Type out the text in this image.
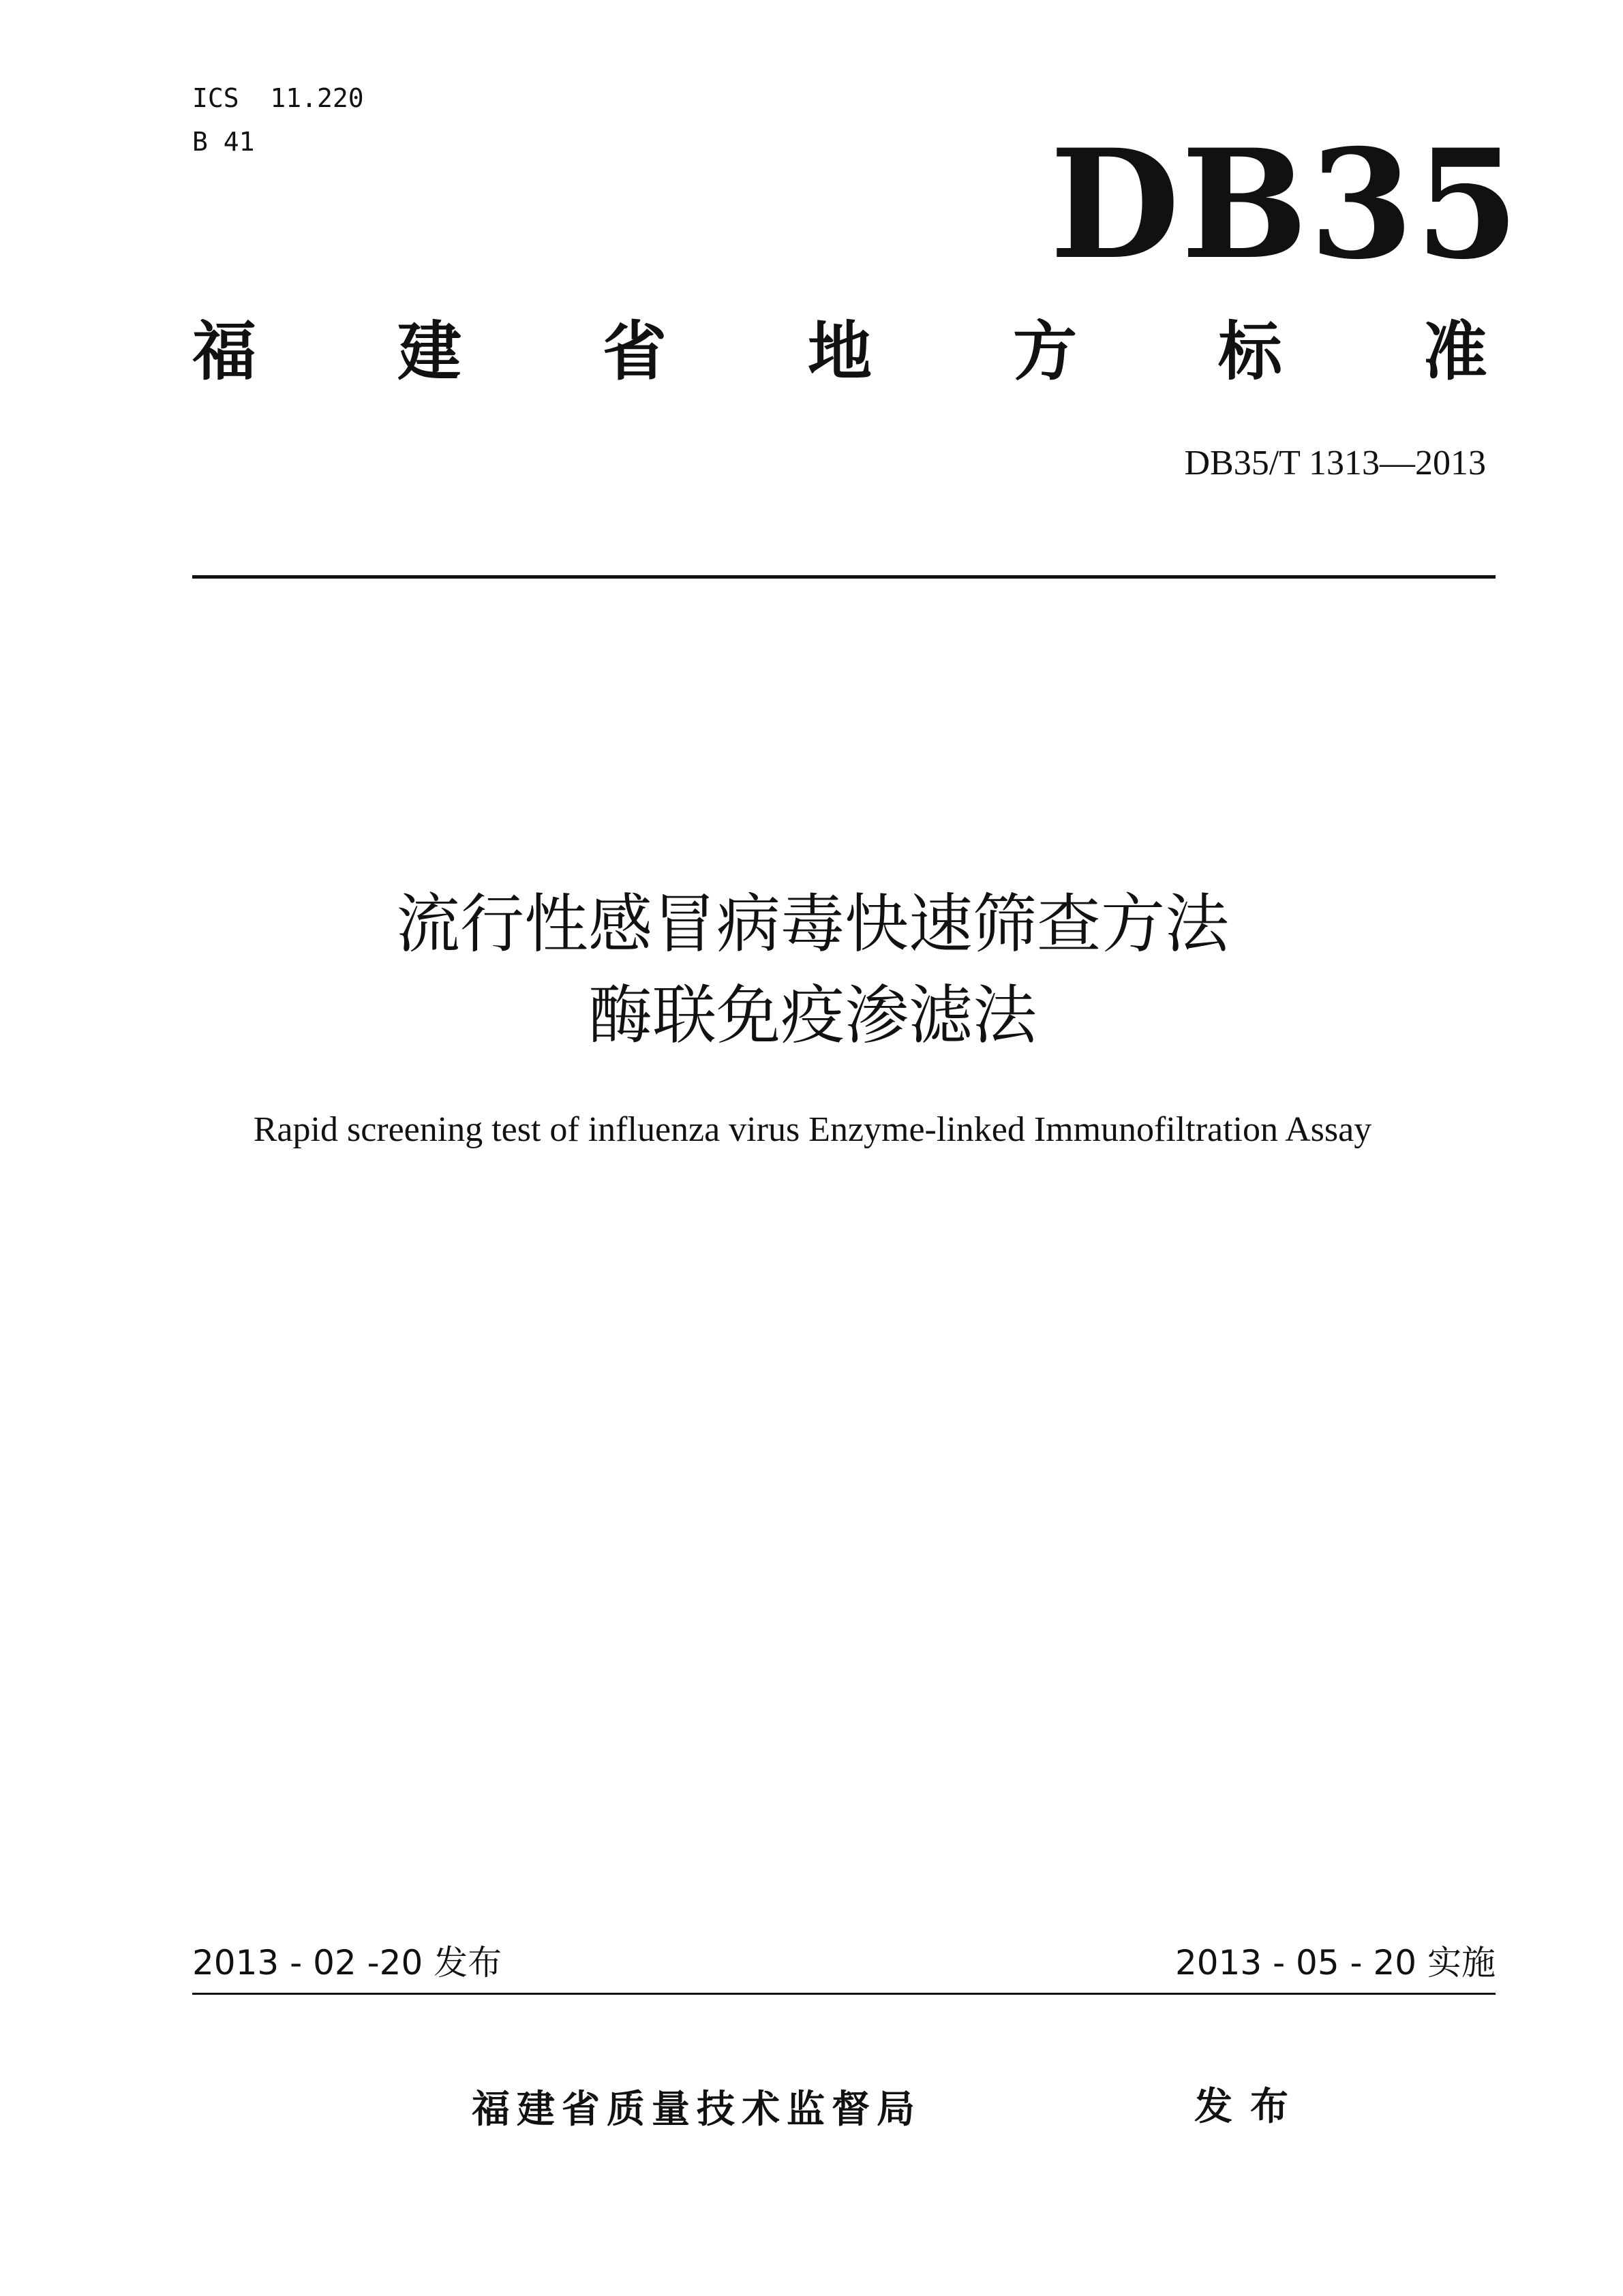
ICS  11.220
B 41	DB35
福 建 省 地 方 标 准
DB35/T 1313—2013
流行性感冒病毒快速筛查方法
酶联免疫渗滤法
Rapid screening test of influenza virus Enzyme-linked Immunofiltration Assay
2013 - 02 -20 发布	2013 - 05 - 20 实施
福建省质量技术监督局	发布
